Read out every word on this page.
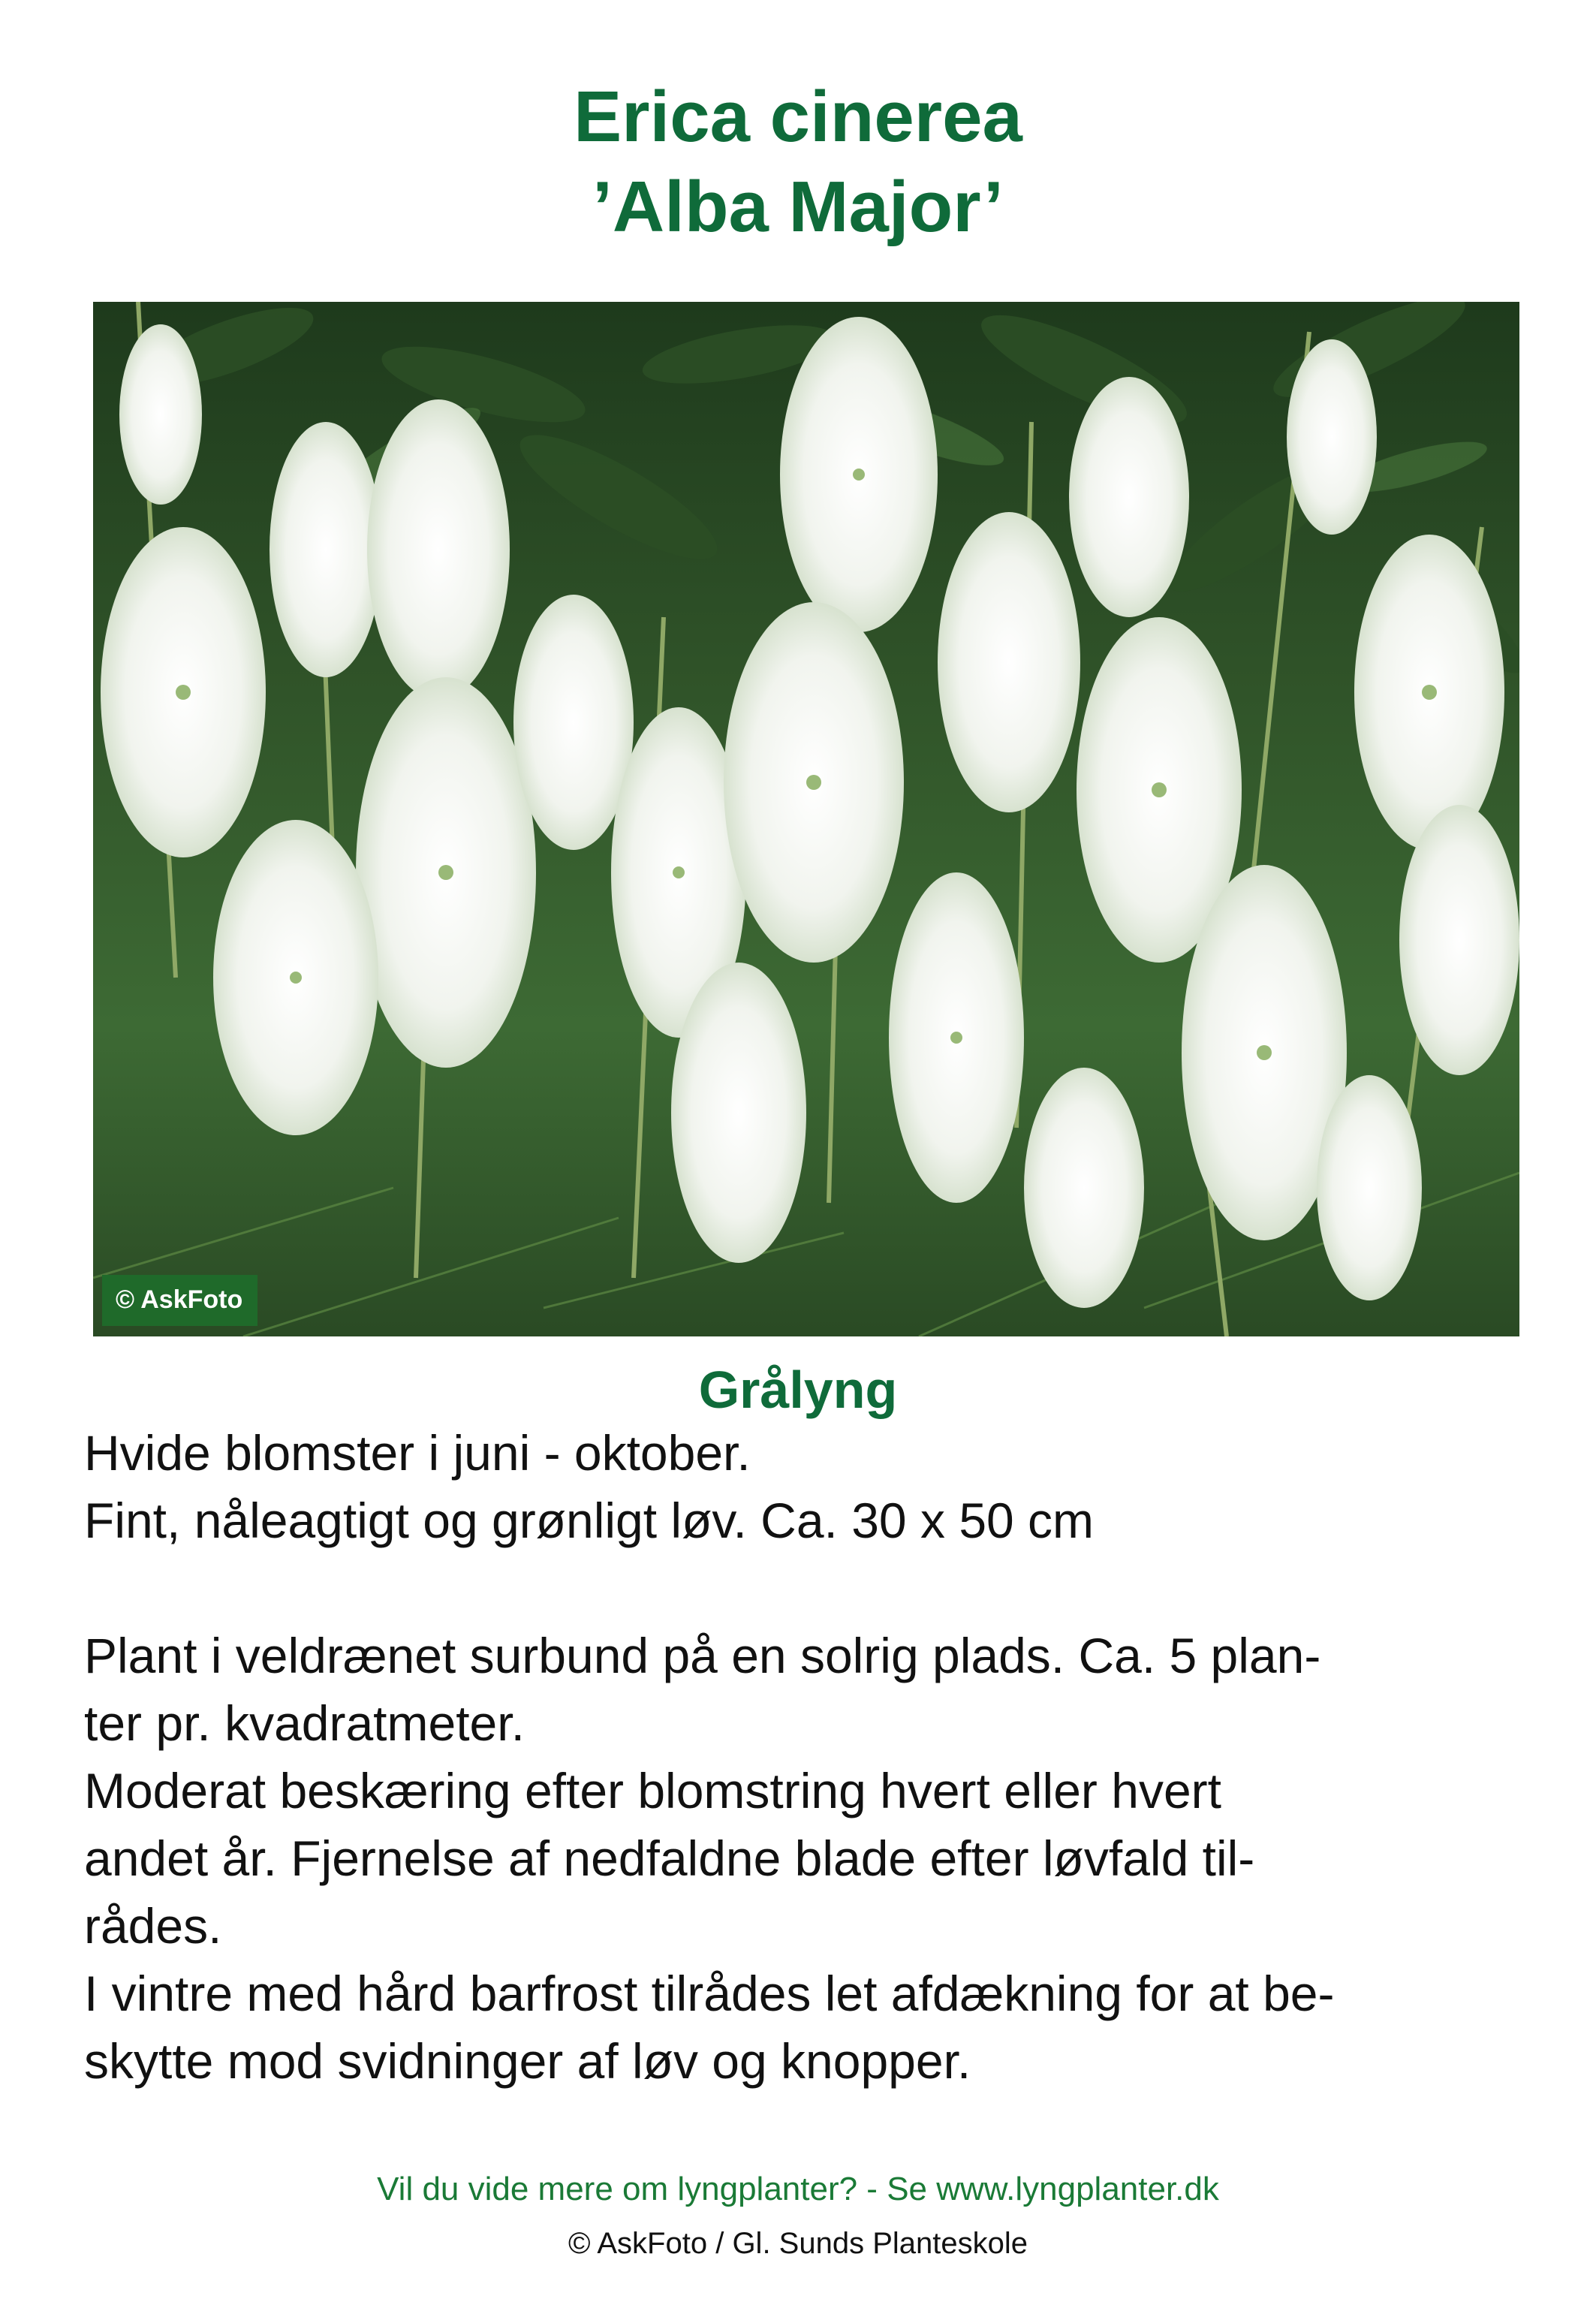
Erica cinerea
’Alba Major’
© AskFoto
Grålyng
Hvide blomster i juni - oktober.
Fint, nåleagtigt og grønligt løv. Ca. 30 x 50 cm
Plant i veldrænet surbund på en solrig plads. Ca. 5 plan-
ter pr. kvadratmeter.
Moderat beskæring efter blomstring hvert eller hvert
andet år. Fjernelse af nedfaldne blade efter løvfald til-
rådes.
I vintre med hård barfrost tilrådes let afdækning for at be-
skytte mod svidninger af løv og knopper.
Vil du vide mere om lyngplanter? - Se www.lyngplanter.dk
© AskFoto / Gl. Sunds Planteskole
